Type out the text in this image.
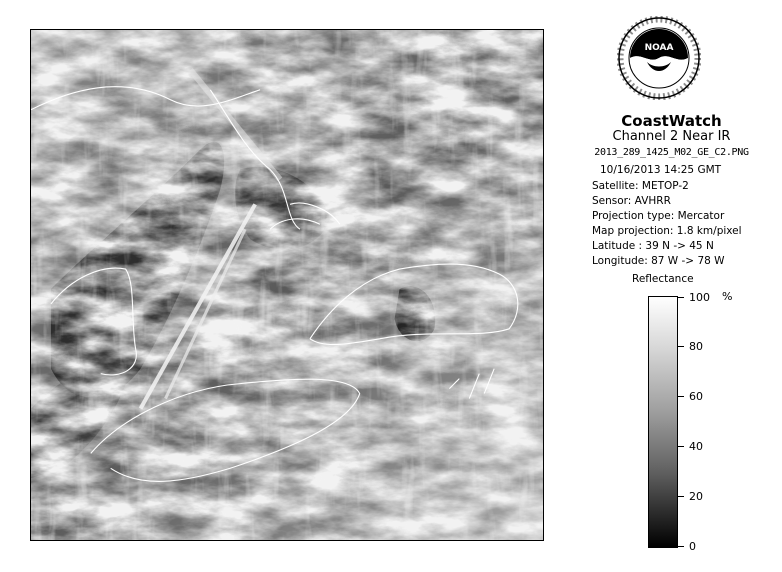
NOAA
CoastWatch
Channel 2 Near IR
2013_289_1425_M02_GE_C2.PNG
10/16/2013 14:25 GMT
Satellite: METOP-2
Sensor: AVHRR
Projection type: Mercator
Map projection: 1.8 km/pixel
Latitude : 39 N -> 45 N
Longitude: 87 W -> 78 W
Reflectance
%
100
80
60
40
20
0
